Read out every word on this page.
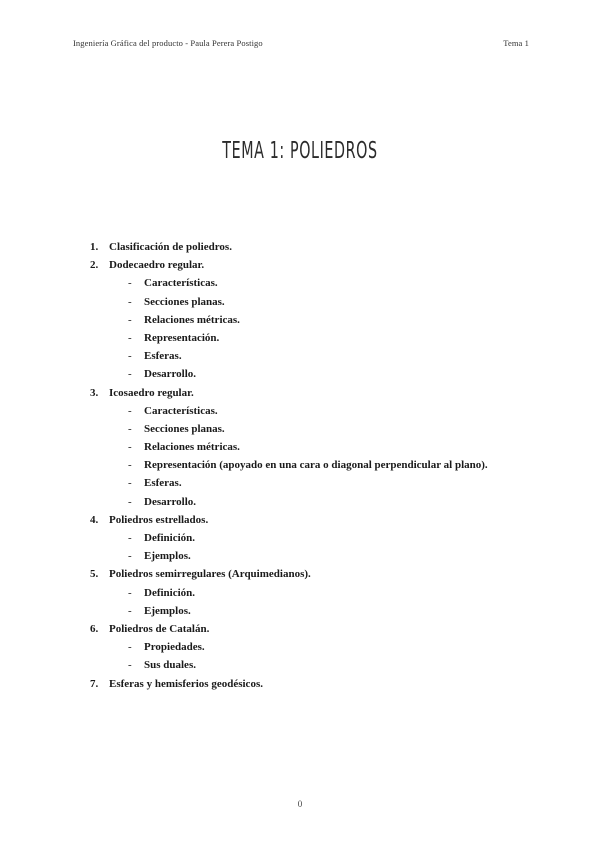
Ingeniería Gráfica del producto - Paula Perera Postigo	Tema 1
TEMA 1: POLIEDROS
1. Clasificación de poliedros.
2. Dodecaedro regular.
- Características.
- Secciones planas.
- Relaciones métricas.
- Representación.
- Esferas.
- Desarrollo.
3. Icosaedro regular.
- Características.
- Secciones planas.
- Relaciones métricas.
- Representación (apoyado en una cara o diagonal perpendicular al plano).
- Esferas.
- Desarrollo.
4. Poliedros estrellados.
- Definición.
- Ejemplos.
5. Poliedros semirregulares (Arquimedianos).
- Definición.
- Ejemplos.
6. Poliedros de Catalán.
- Propiedades.
- Sus duales.
7. Esferas y hemisferios geodésicos.
0
